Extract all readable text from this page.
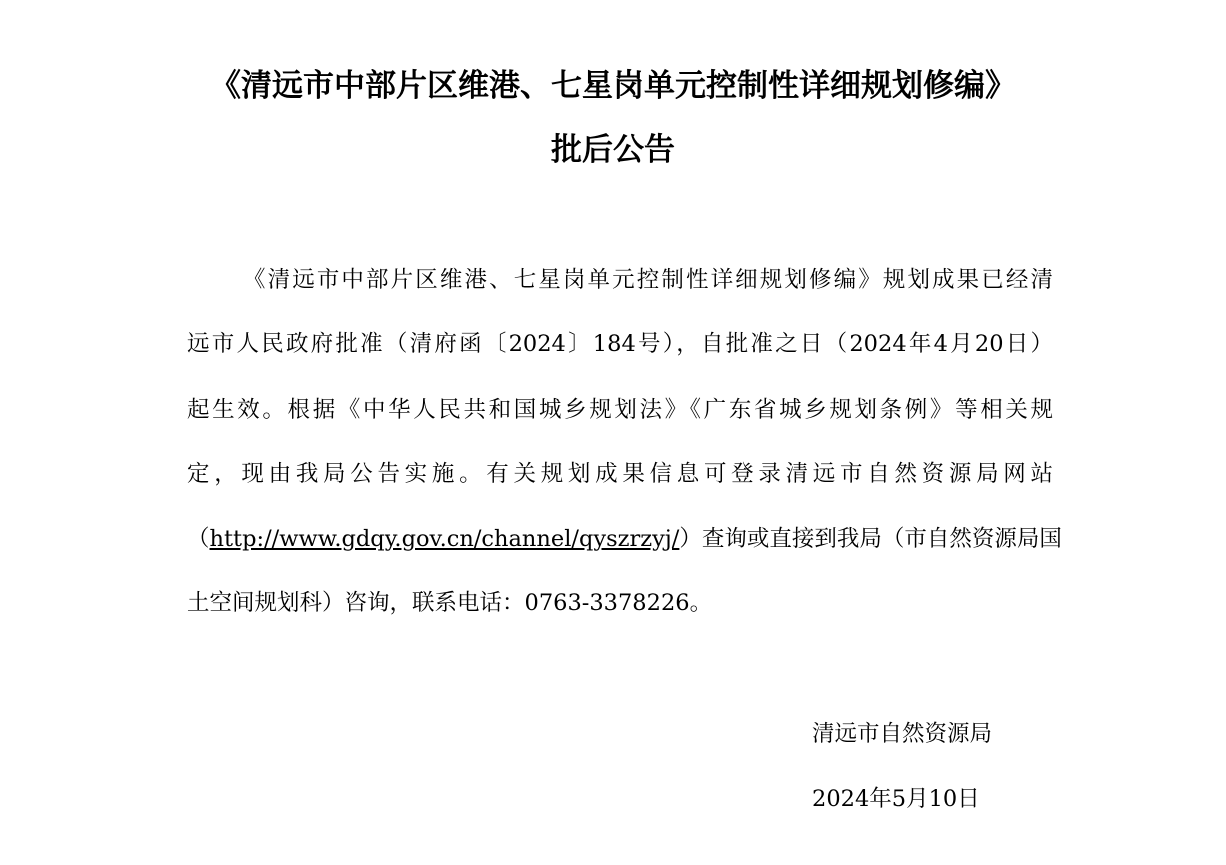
《清远市中部片区维港、七星岗单元控制性详细规划修编》
批后公告
《清远市中部片区维港、七星岗单元控制性详细规划修编》规划成果已经清
远市人民政府批准（清府函〔2024〕184号），自批准之日（2024年4月20日）
起生效。根据《中华人民共和国城乡规划法》《广东省城乡规划条例》等相关规
定，现由我局公告实施。有关规划成果信息可登录清远市自然资源局网站
（http://www.gdqy.gov.cn/channel/qyszrzyj/）查询或直接到我局（市自然资源局国
土空间规划科）咨询，联系电话：0763-3378226。
清远市自然资源局
2024年5月10日
